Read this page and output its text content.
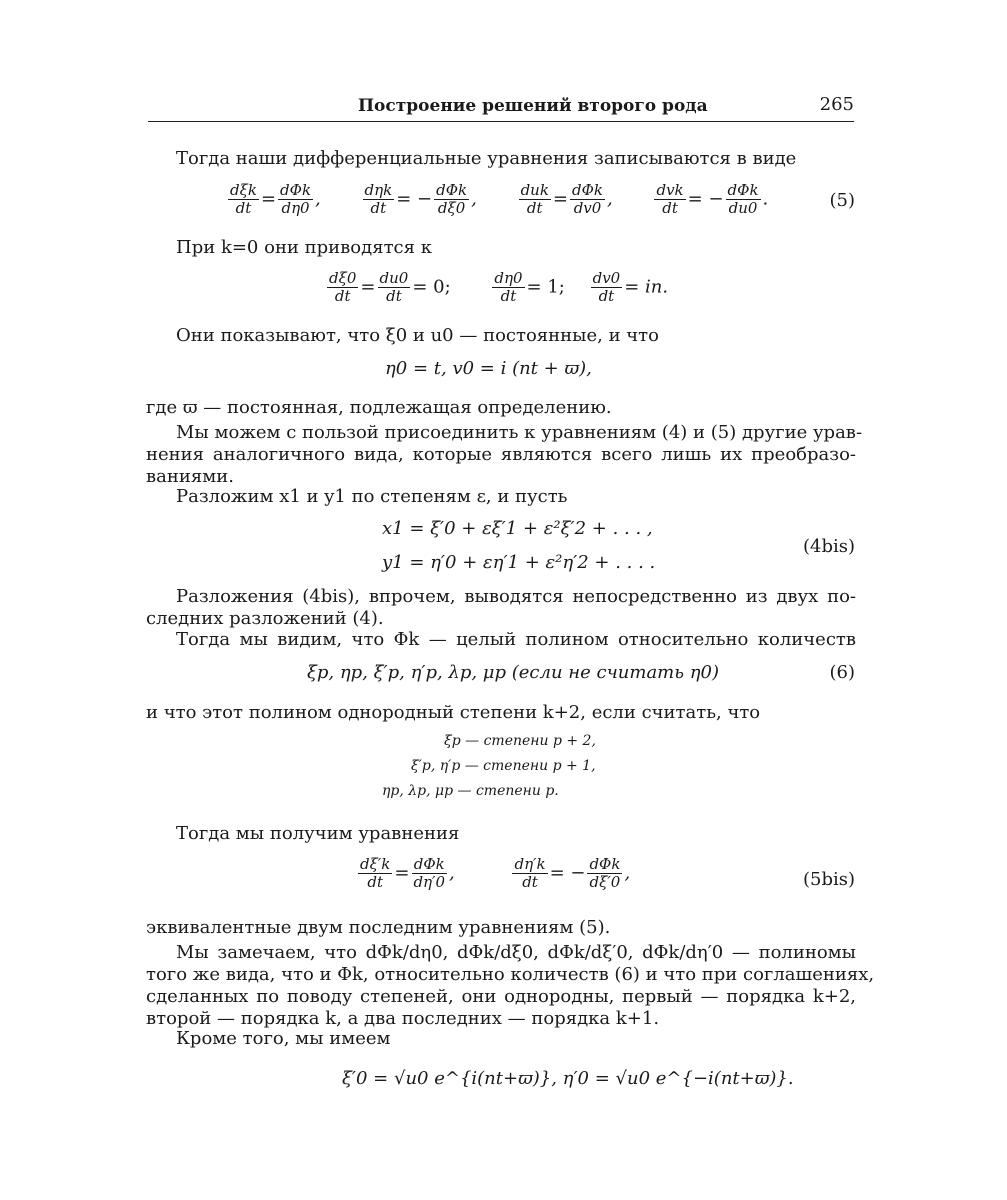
Построение решений второго рода	265
Тогда наши дифференциальные уравнения записываются в виде
$\frac{\text{dξk}}{dt} = \frac{\text{dΦk}}{d\eta 0}$ ,	$\frac{\text{dηk}}{dt}$ = − $\frac{\text{dΦk}}{d\xi 0}$ ,	$\frac{\text{duk}}{dt} = \frac{\text{dΦk}}{dv0}$ ,	$\frac{\text{dvk}}{dt}$ = − $\frac{\text{dΦk}}{du0}$ .	(5)
При k=0 они приводятся к
$\frac{d\xi 0}{dt} = \frac{du0}{dt} = 0$;	$\frac{d\eta 0}{dt} = 1$; $\frac{dv0}{dt}$ = in.
Они показывают, что ξ0 и u0 — постоянные, и что
η0 = t, v0 = i (nt + ϖ),
где ϖ — постоянная, подлежащая определению.
Мы можем с пользой присоединить к уравнениям (4) и (5) другие урав-
нения аналогичного вида, которые являются всего лишь их преобразо-
ваниями.
Разложим x1 и y1 по степеням ε, и пусть
x1 = ξ′0 + εξ′1 + ε²ξ′2 + . . . ,
y1 = η′0 + εη′1 + ε²η′2 + . . . .
(4bis)
Разложения (4bis), впрочем, выводятся непосредственно из двух по-
следних разложений (4).
Тогда мы видим, что Φk — целый полином относительно количеств
ξp, ηp, ξ′p, η′p, λp, μp (если не считать η0)	(6)
и что этот полином однородный степени k+2, если считать, что
ξp — степени p + 2,
ξ′p, η′p — степени p + 1,
ηp, λp, μp — степени p.
Тогда мы получим уравнения
$\frac{d\xi'k}{dt} = \frac{\text{dΦk}}{d\eta'0}$ ,	$\frac{d\eta'k}{dt}$ = − $\frac{\text{dΦk}}{d\xi'0}$ ,	(5bis)
эквивалентные двум последним уравнениям (5).
Мы замечаем, что dΦk/dη0, dΦk/dξ0, dΦk/dξ′0, dΦk/dη′0 — полиномы
того же вида, что и Φk, относительно количеств (6) и что при соглашениях,
сделанных по поводу степеней, они однородны, первый — порядка k+2,
второй — порядка k, а два последних — порядка k+1.
Кроме того, мы имеем
ξ′0 = √u0 e^{i(nt+ϖ)}, η′0 = √u0 e^{−i(nt+ϖ)}.
